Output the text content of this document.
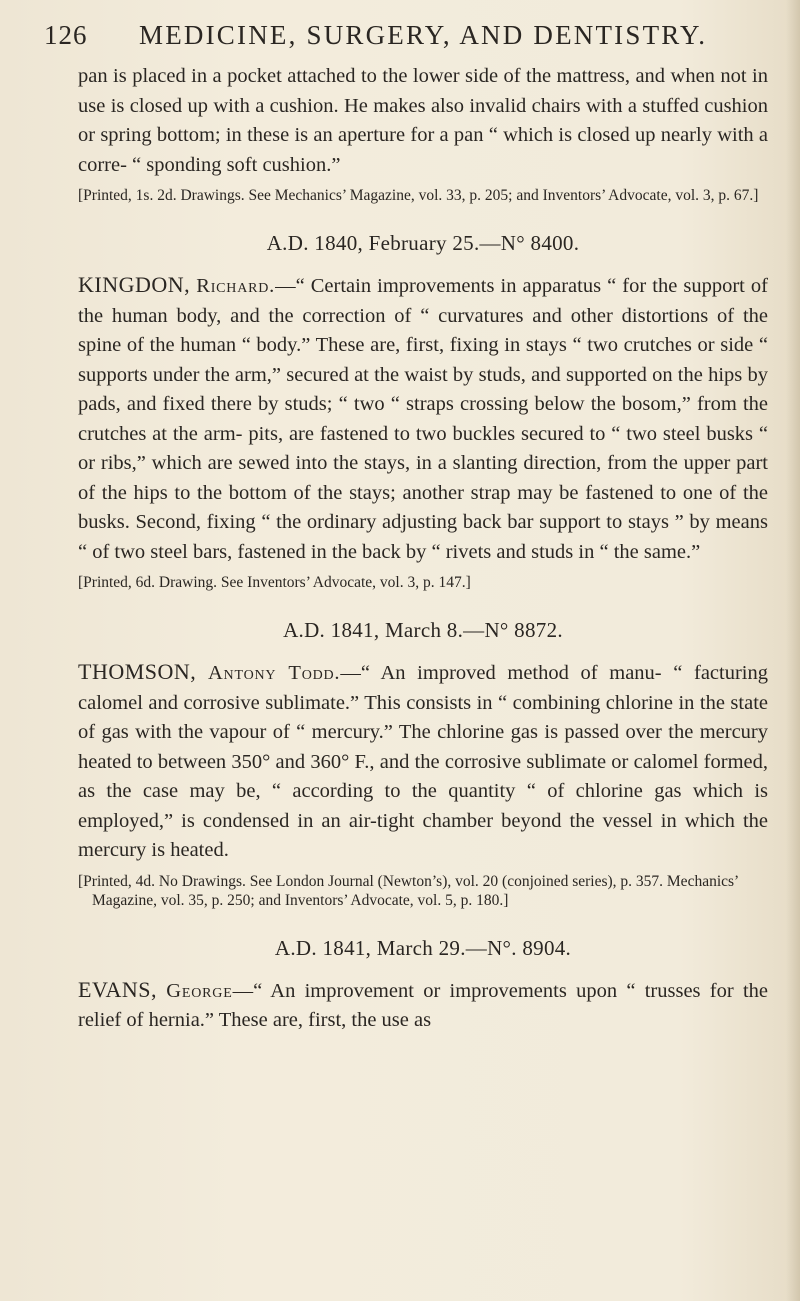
126 MEDICINE, SURGERY, AND DENTISTRY.

pan is placed in a pocket attached to the lower side of the mattress, and when not in use is closed up with a cushion. He makes also invalid chairs with a stuffed cushion or spring bottom; in these is an aperture for a pan “ which is closed up nearly with a corre- “ sponding soft cushion.”

[Printed, 1s. 2d. Drawings. See Mechanics’ Magazine, vol. 33, p. 205; and Inventors’ Advocate, vol. 3, p. 67.]

A.D. 1840, February 25.—N° 8400.

KINGDON, Richard.—“ Certain improvements in apparatus “ for the support of the human body, and the correction of “ curvatures and other distortions of the spine of the human “ body.” These are, first, fixing in stays “ two crutches or side “ supports under the arm,” secured at the waist by studs, and supported on the hips by pads, and fixed there by studs; “ two “ straps crossing below the bosom,” from the crutches at the arm- pits, are fastened to two buckles secured to “ two steel busks “ or ribs,” which are sewed into the stays, in a slanting direction, from the upper part of the hips to the bottom of the stays; another strap may be fastened to one of the busks. Second, fixing “ the ordinary adjusting back bar support to stays ” by means “ of two steel bars, fastened in the back by “ rivets and studs in “ the same.”

[Printed, 6d. Drawing. See Inventors’ Advocate, vol. 3, p. 147.]

A.D. 1841, March 8.—N° 8872.

THOMSON, Antony Todd.—“ An improved method of manu- “ facturing calomel and corrosive sublimate.” This consists in “ combining chlorine in the state of gas with the vapour of “ mercury.” The chlorine gas is passed over the mercury heated to between 350° and 360° F., and the corrosive sublimate or calomel formed, as the case may be, “ according to the quantity “ of chlorine gas which is employed,” is condensed in an air-tight chamber beyond the vessel in which the mercury is heated.

[Printed, 4d. No Drawings. See London Journal (Newton’s), vol. 20 (conjoined series), p. 357. Mechanics’ Magazine, vol. 35, p. 250; and Inventors’ Advocate, vol. 5, p. 180.]

A.D. 1841, March 29.—N°. 8904.

EVANS, George—“ An improvement or improvements upon “ trusses for the relief of hernia.” These are, first, the use as
